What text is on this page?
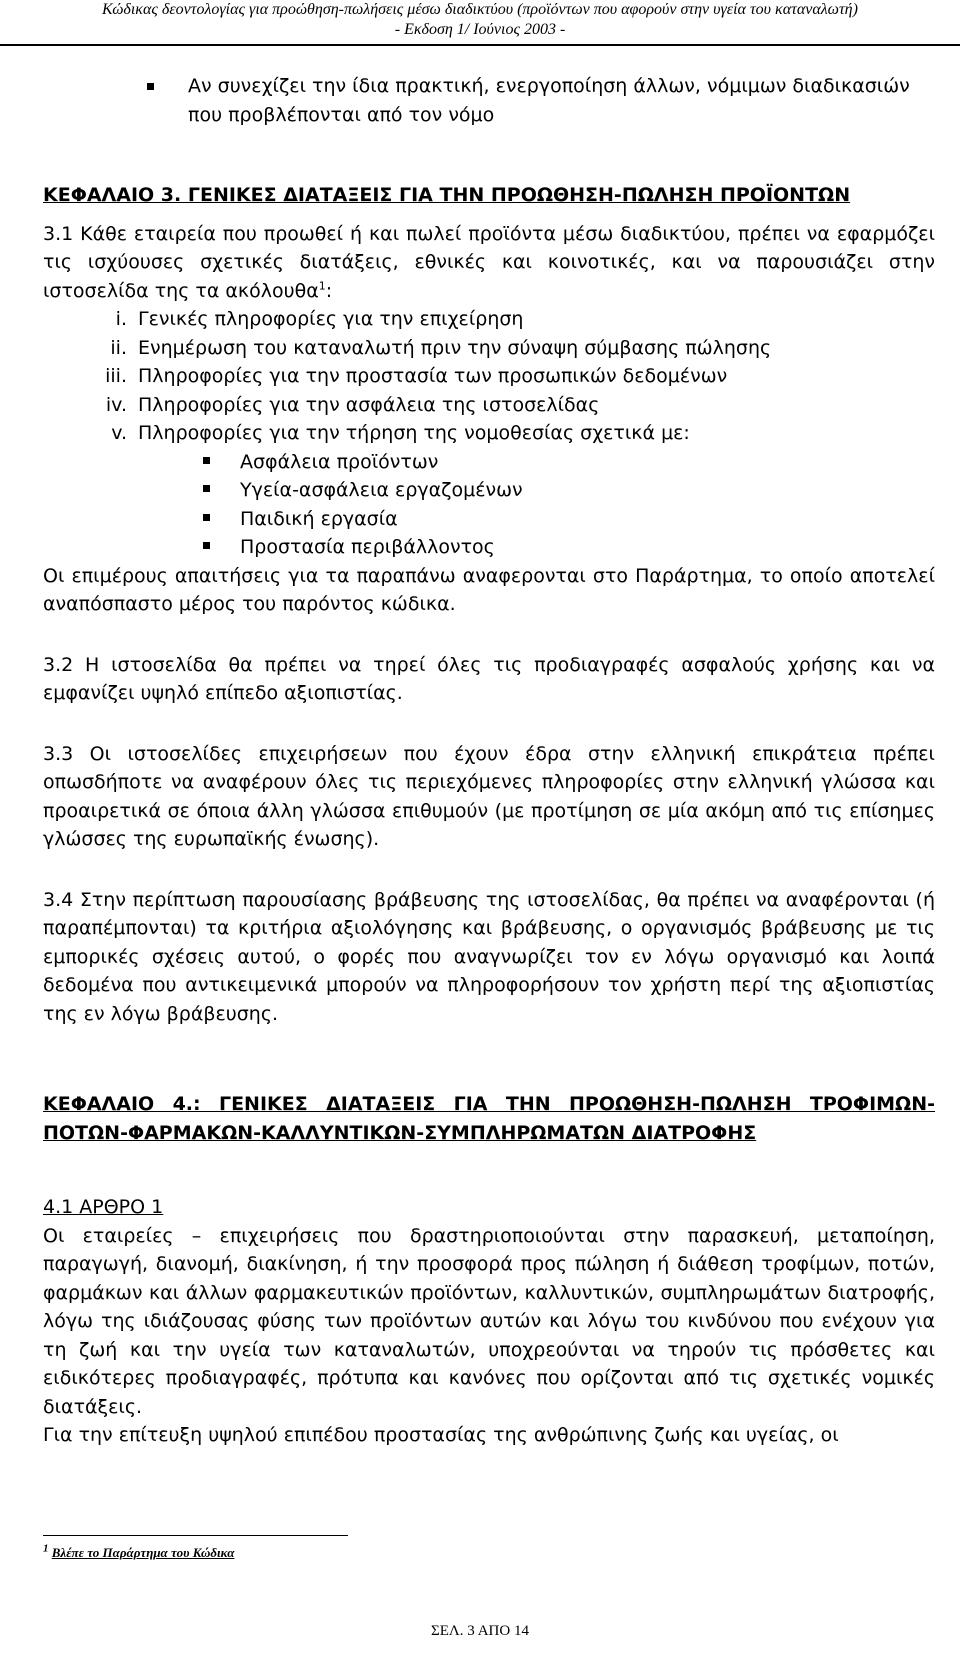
Κώδικας δεοντολογίας για προώθηση-πωλήσεις μέσω διαδικτύου (προϊόντων που αφορούν στην υγεία του καταναλωτή)
- Εκδοση 1/ Ιούνιος 2003 -

Αν συνεχίζει την ίδια πρακτική, ενεργοποίηση άλλων, νόμιμων διαδικασιών που προβλέπονται από τον νόμο

ΚΕΦΑΛΑΙΟ 3. ΓΕΝΙΚΕΣ ΔΙΑΤΑΞΕΙΣ ΓΙΑ ΤΗΝ ΠΡΟΩΘΗΣΗ-ΠΩΛΗΣΗ ΠΡΟΪΟΝΤΩΝ

3.1 Κάθε εταιρεία που προωθεί ή και πωλεί προϊόντα μέσω διαδικτύου, πρέπει να εφαρμόζει τις ισχύουσες σχετικές διατάξεις, εθνικές και κοινοτικές, και να παρουσιάζει στην ιστοσελίδα της τα ακόλουθα$^1$:

i. Γενικές πληροφορίες για την επιχείρηση
ii. Ενημέρωση του καταναλωτή πριν την σύναψη σύμβασης πώλησης
iii. Πληροφορίες για την προστασία των προσωπικών δεδομένων
iv. Πληροφορίες για την ασφάλεια της ιστοσελίδας
v. Πληροφορίες για την τήρηση της νομοθεσίας σχετικά με:
Ασφάλεια προϊόντων
Υγεία-ασφάλεια εργαζομένων
Παιδική εργασία
Προστασία περιβάλλοντος

Οι επιμέρους απαιτήσεις για τα παραπάνω αναφερονται στο Παράρτημα, το οποίο αποτελεί αναπόσπαστο μέρος του παρόντος κώδικα.

3.2 Η ιστοσελίδα θα πρέπει να τηρεί όλες τις προδιαγραφές ασφαλούς χρήσης και να εμφανίζει υψηλό επίπεδο αξιοπιστίας.

3.3 Οι ιστοσελίδες επιχειρήσεων που έχουν έδρα στην ελληνική επικράτεια πρέπει οπωσδήποτε να αναφέρουν όλες τις περιεχόμενες πληροφορίες στην ελληνική γλώσσα και προαιρετικά σε όποια άλλη γλώσσα επιθυμούν (με προτίμηση σε μία ακόμη από τις επίσημες γλώσσες της ευρωπαϊκής ένωσης).

3.4 Στην περίπτωση παρουσίασης βράβευσης της ιστοσελίδας, θα πρέπει να αναφέρονται (ή παραπέμπονται) τα κριτήρια αξιολόγησης και βράβευσης, ο οργανισμός βράβευσης με τις εμπορικές σχέσεις αυτού, ο φορές που αναγνωρίζει τον εν λόγω οργανισμό και λοιπά δεδομένα που αντικειμενικά μπορούν να πληροφορήσουν τον χρήστη περί της αξιοπιστίας της εν λόγω βράβευσης.

ΚΕΦΑΛΑΙΟ 4.: ΓΕΝΙΚΕΣ ΔΙΑΤΑΞΕΙΣ ΓΙΑ ΤΗΝ ΠΡΟΩΘΗΣΗ-ΠΩΛΗΣΗ ΤΡΟΦΙΜΩΝ-ΠΟΤΩΝ-ΦΑΡΜΑΚΩΝ-ΚΑΛΛΥΝΤΙΚΩΝ-ΣΥΜΠΛΗΡΩΜΑΤΩΝ ΔΙΑΤΡΟΦΗΣ

4.1 ΑΡΘΡΟ 1

Οι εταιρείες – επιχειρήσεις που δραστηριοποιούνται στην παρασκευή, μεταποίηση, παραγωγή, διανομή, διακίνηση, ή την προσφορά προς πώληση ή διάθεση τροφίμων, ποτών, φαρμάκων και άλλων φαρμακευτικών προϊόντων, καλλυντικών, συμπληρωμάτων διατροφής, λόγω της ιδιάζουσας φύσης των προϊόντων αυτών και λόγω του κινδύνου που ενέχουν για τη ζωή και την υγεία των καταναλωτών, υποχρεούνται να τηρούν τις πρόσθετες και ειδικότερες προδιαγραφές, πρότυπα και κανόνες που ορίζονται από τις σχετικές νομικές διατάξεις.

Για την επίτευξη υψηλού επιπέδου προστασίας της ανθρώπινης ζωής και υγείας, οι

$^1$ Βλέπε το Παράρτημα του Κώδικα
ΣΕΛ. 3 ΑΠΟ 14
